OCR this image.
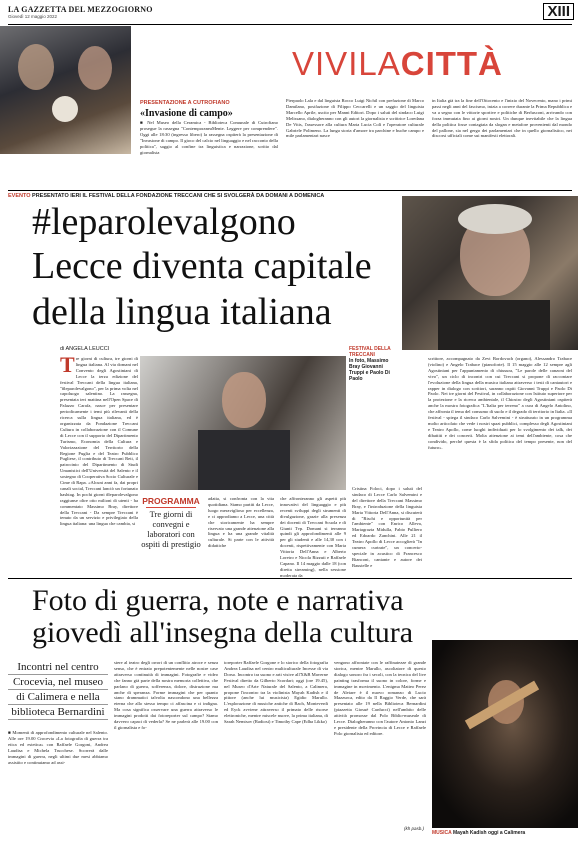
LA GAZZETTA DEL MEZZOGIORNO
Giovedì 12 maggio 2022	XIII
VIVILACITTÀ
PRESENTAZIONE A CUTROFIANO
«Invasione di campo»
■ Nel Museo della Ceramica - Biblioteca Comunale di Cutrofiano prosegue la rassegna "ContemporaneaMente. Leggere per comprendere". Oggi alle 18:30 (ingresso libero) la rassegna ospiterà la presentazione di "Invasione di campo. Il gioco del calcio nel linguaggio e nel racconto della politica", saggio al confine tra linguistica e narrazione, scritto dal giornalista
Pierpaolo Lala e dal linguista Rocco Luigi Nichil con prefazione di Marco Damilano, postfazione di Filippo Ceccarelli e un saggio del linguista Marcello Aprile, uscito per Manni Editori. Dopo i saluti del sindaco Luigi Melissano, dialogheranno con gli autori la giornalista e scrittrice Loredana De Vitis, l'assessore alla cultura Maria Lucia Colì e l'operatore culturale Gabriele Polimeno. La lunga storia d'amore tra parchine e buche campo e mile parlamentari nasce
in Italia già tra la fine dell'Ottocento e l'inizio del Novecento, mano i primi passi negli anni del fascismo, inizia a correre durante la Prima Repubblica e va a segno con le vittorie sportive e politiche di Berlusconi, arrivando con forza immutata fino ai giorni nostri. Un dunque inevitabile che la lingua della politica fosse contagiata da slogan e metafore provenienti dal mondo del pallone, sia nel gergo dei parlamentari che in quello giornalistico, nei discorsi ufficiali come sui manifesti elettorali.
EVENTO PRESENTATO IERI IL FESTIVAL DELLA FONDAZIONE TRECCANI CHE SI SVOLGERÀ DA DOMANI A DOMENICA
#leparolevalgono
Lecce diventa capitale
della lingua italiana
di ANGELA LEUCCI	FESTIVAL DELLA TRECCANI
In foto, Massimo Bray Giovanni Truppi e Paolo Di Paolo
Tre giorni di cultura, tre giorni di lingua italiana. Al via domani nel Convento degli Agostiniani di Lecce la terza edizione del festival Treccani della lingua italiana, "#leparolevalgono", per la prima volta nel capoluogo salentino. La rassegna, presentata ieri mattina nell'Open Space di Palazzo Carafa, nasce per presentare periodicamente i temi più rilevanti della ricerca sulla lingua italiana, ed è organizzata da Fondazione Treccani Cultura in collaborazione con il Comune di Lecce con il supporto del Dipartimento Turismo, Economia della Cultura e Valorizzazione del Territorio della Regione Puglia e del Teatro Pubblico Pugliese, il contributo di Treccani Reti, il patrocinio del Dipartimento di Studi Umanistici dell'Università del Salento e il sostegno di Cooperativa Socio Culturale e Cime di Rapa. «Alcuni anni fa, dai propri canali social, Treccani lanciò un fortunato hashtag. In pochi giorni #leparolevalgono raggiunse oltre otto milioni di utenti - ha commentato Massimo Bray, direttore della Treccani - Da sempre Treccani è tenuto da un servizio e privilegiato della lingua italiana: una lingua che cambia, si
PROGRAMMA
Tre giorni di convegni e laboratori con ospiti di prestigio
adatta, si confronta con la vita quotidiana. Siamo partiti da Lecce, luogo meraviglioso per eccellenza, e ci approdiamo a Lecce, una città che storicamente ha sempre riservato una grande attenzione alla lingua e ha una grande vitalità culturale. Si parte con le attività didattiche
che affronteranno gli aspetti più innovativi del linguaggio e più recenti sviluppi degli strumenti di divulgazione, grazie alla presenza dei docenti di Treccani Scuola e di Giunti Tvp. Domani si terranno quindi gli approfondimenti alle 9 per gli studenti e alle 14,30 con i docenti, rispettivamente con Maria Vittoria Dell'Anna e Alberto Loretro e Nicola Rizzuti e Raffaele Capano. Il 14 maggio dalle 18 (con diretta streaming), nella sessione moderata da
Cristina Foloci, dopo i saluti del sindaco di Lecce Carlo Salvemini e del direttore della Treccani Massimo Bray, e l'introduzione della linguista Maria Vittoria Dell'Anna, si discuterà di "Rischi e opportunità per l'ambiente" con Enrico Alleva, Mariagrazia Midulla, Fabio Pulliero ed Edoardo Zanchini. Alle 21 il Teatro Apollo di Lecce accoglierà "In cumera curtrate", un concerto-speciale in acustico di Francesco Bianconi, cantante e autore dei Baustelle e
scrittore, accompagnato da Zevi Bordovach (organo), Alessandro Trabace (violino) e Angelo Trabace (pianoforte). Il 15 maggio alle 12 sempre agli Agostiniani per l'appuntamento di chiusura, "Le parole delle canzoni del vivo", un ciclo di incontri con cui Treccani si propone di raccontare l'evoluzione della lingua della musica italiana attraverso i testi di cantautori e rapper in dialogo con scrittori, saranno ospiti Giovanni Truppi e Paolo Di Paolo. Nei tre giorni del Festival, in collaborazione con Istituto superiore per la protezione e la ricerca ambientale, il Chiostro degli Agostiniani ospiterà anche la mostra fotografica "L'Italia per terreno" a cura di Angelo Antolino, che affronta il tema del consumo di suolo e il degrado di territorio in Italia. «Il festival - spiega il sindaco Carlo Salvemini - è strutturato in un programma molto articolato che vede i nostri spazi pubblici, complesso degli Agostiniani e Teatro Apollo, come luoghi individuati per lo svolgimento dei talk, dei dibattiti e dei concerti. Molta attenzione ai temi dell'ambiente, cosa che condivido, perché questa è la sfida politica del tempo presente, non del futuro».
Foto di guerra, note e narrativa
giovedì all'insegna della cultura
Incontri nel centro
Crocevia, nel museo
di Calimera e nella
biblioteca Bernardini
■ Momenti di approfondimento culturale nel Salento. Alle ore 19.00 Crocevia «La fotografia di guerra tra etica ed estetica» con Raffaele Gorgoni, Andrea Laudisa e Michela Trucchese. Scorrerà dalle immagini di guerra, negli ultimi due mesi abbiamo assistito e continuiamo ad assi-
stere al teatro degli orrori di un conflitto atroce e senza senso, che è entrato prepotentemente nelle nostre case attraverso continuità di immagini. Fotografie e video che fanno già parte della nostra memoria collettiva, che parlano di guerra, sofferenza, dolore, distruzione ma anche di speranza. Forme immagini che per quanto siano drammatici talvolta nascondono una bellezza eterna che allo stesso tempo ci affascina e ci indigna. Ma cosa significa osservare una guerra attraverso le immagini prodotti dai fotoreporter sul campo? Siamo davvero capaci di vederla? Se ne parlerà alle 19.00 con il giornalista e fo-
toreporter Raffaele Gorgone e lo storico della fotografia Andrea Laudisa nel centro multiculturale Incesse di via Dorso. Incontro tra suono e arti visive all'X&B Maverne Festival diretto da Gilberto Scordari; oggi (ore 19.45), nel Museo d'Arte Naturale del Salento, a Calimera, propone l'incontro tra la violinista Mayah Kadish e il pittore (anche lui musicista) Egidio Marullo. L'esplorazione di musiche antiche di Bach, Monteverdi ed Eyck avviene attraverso il primato delle risorse elettroniche, mentre miscele nuove, la prima italiana, di Sarah Nemtsov (Radiosi) e Timothy Cape (Edha Likko)
vengono affrontate con le raffinatezze di grande storica, mentre Marullo, ascoltatore di questo dialogo sonoro fra i secoli, con la tecnica del live painting trasforma il suono in colore, forme e immagine in movimento. L'enigma Matteo Perez de Aleiare è il nuovo romanzo di Lucio Mazzurca, edito da Il Raggio Verde, che sarà presentato alle 19 nella Biblioteca Bernardini (piazzetta Giosuè Carducci) nell'ambito delle attività promosse dal Polo Biblio-museale di Lecce. Dialogheranno con l'autore Antonio Lanzi e presidente della Provincia di Lecce e Raffaele Polo giornalista ed editore.
(kh pasb.)
MUSICA Mayah Kadish oggi a Calimera
